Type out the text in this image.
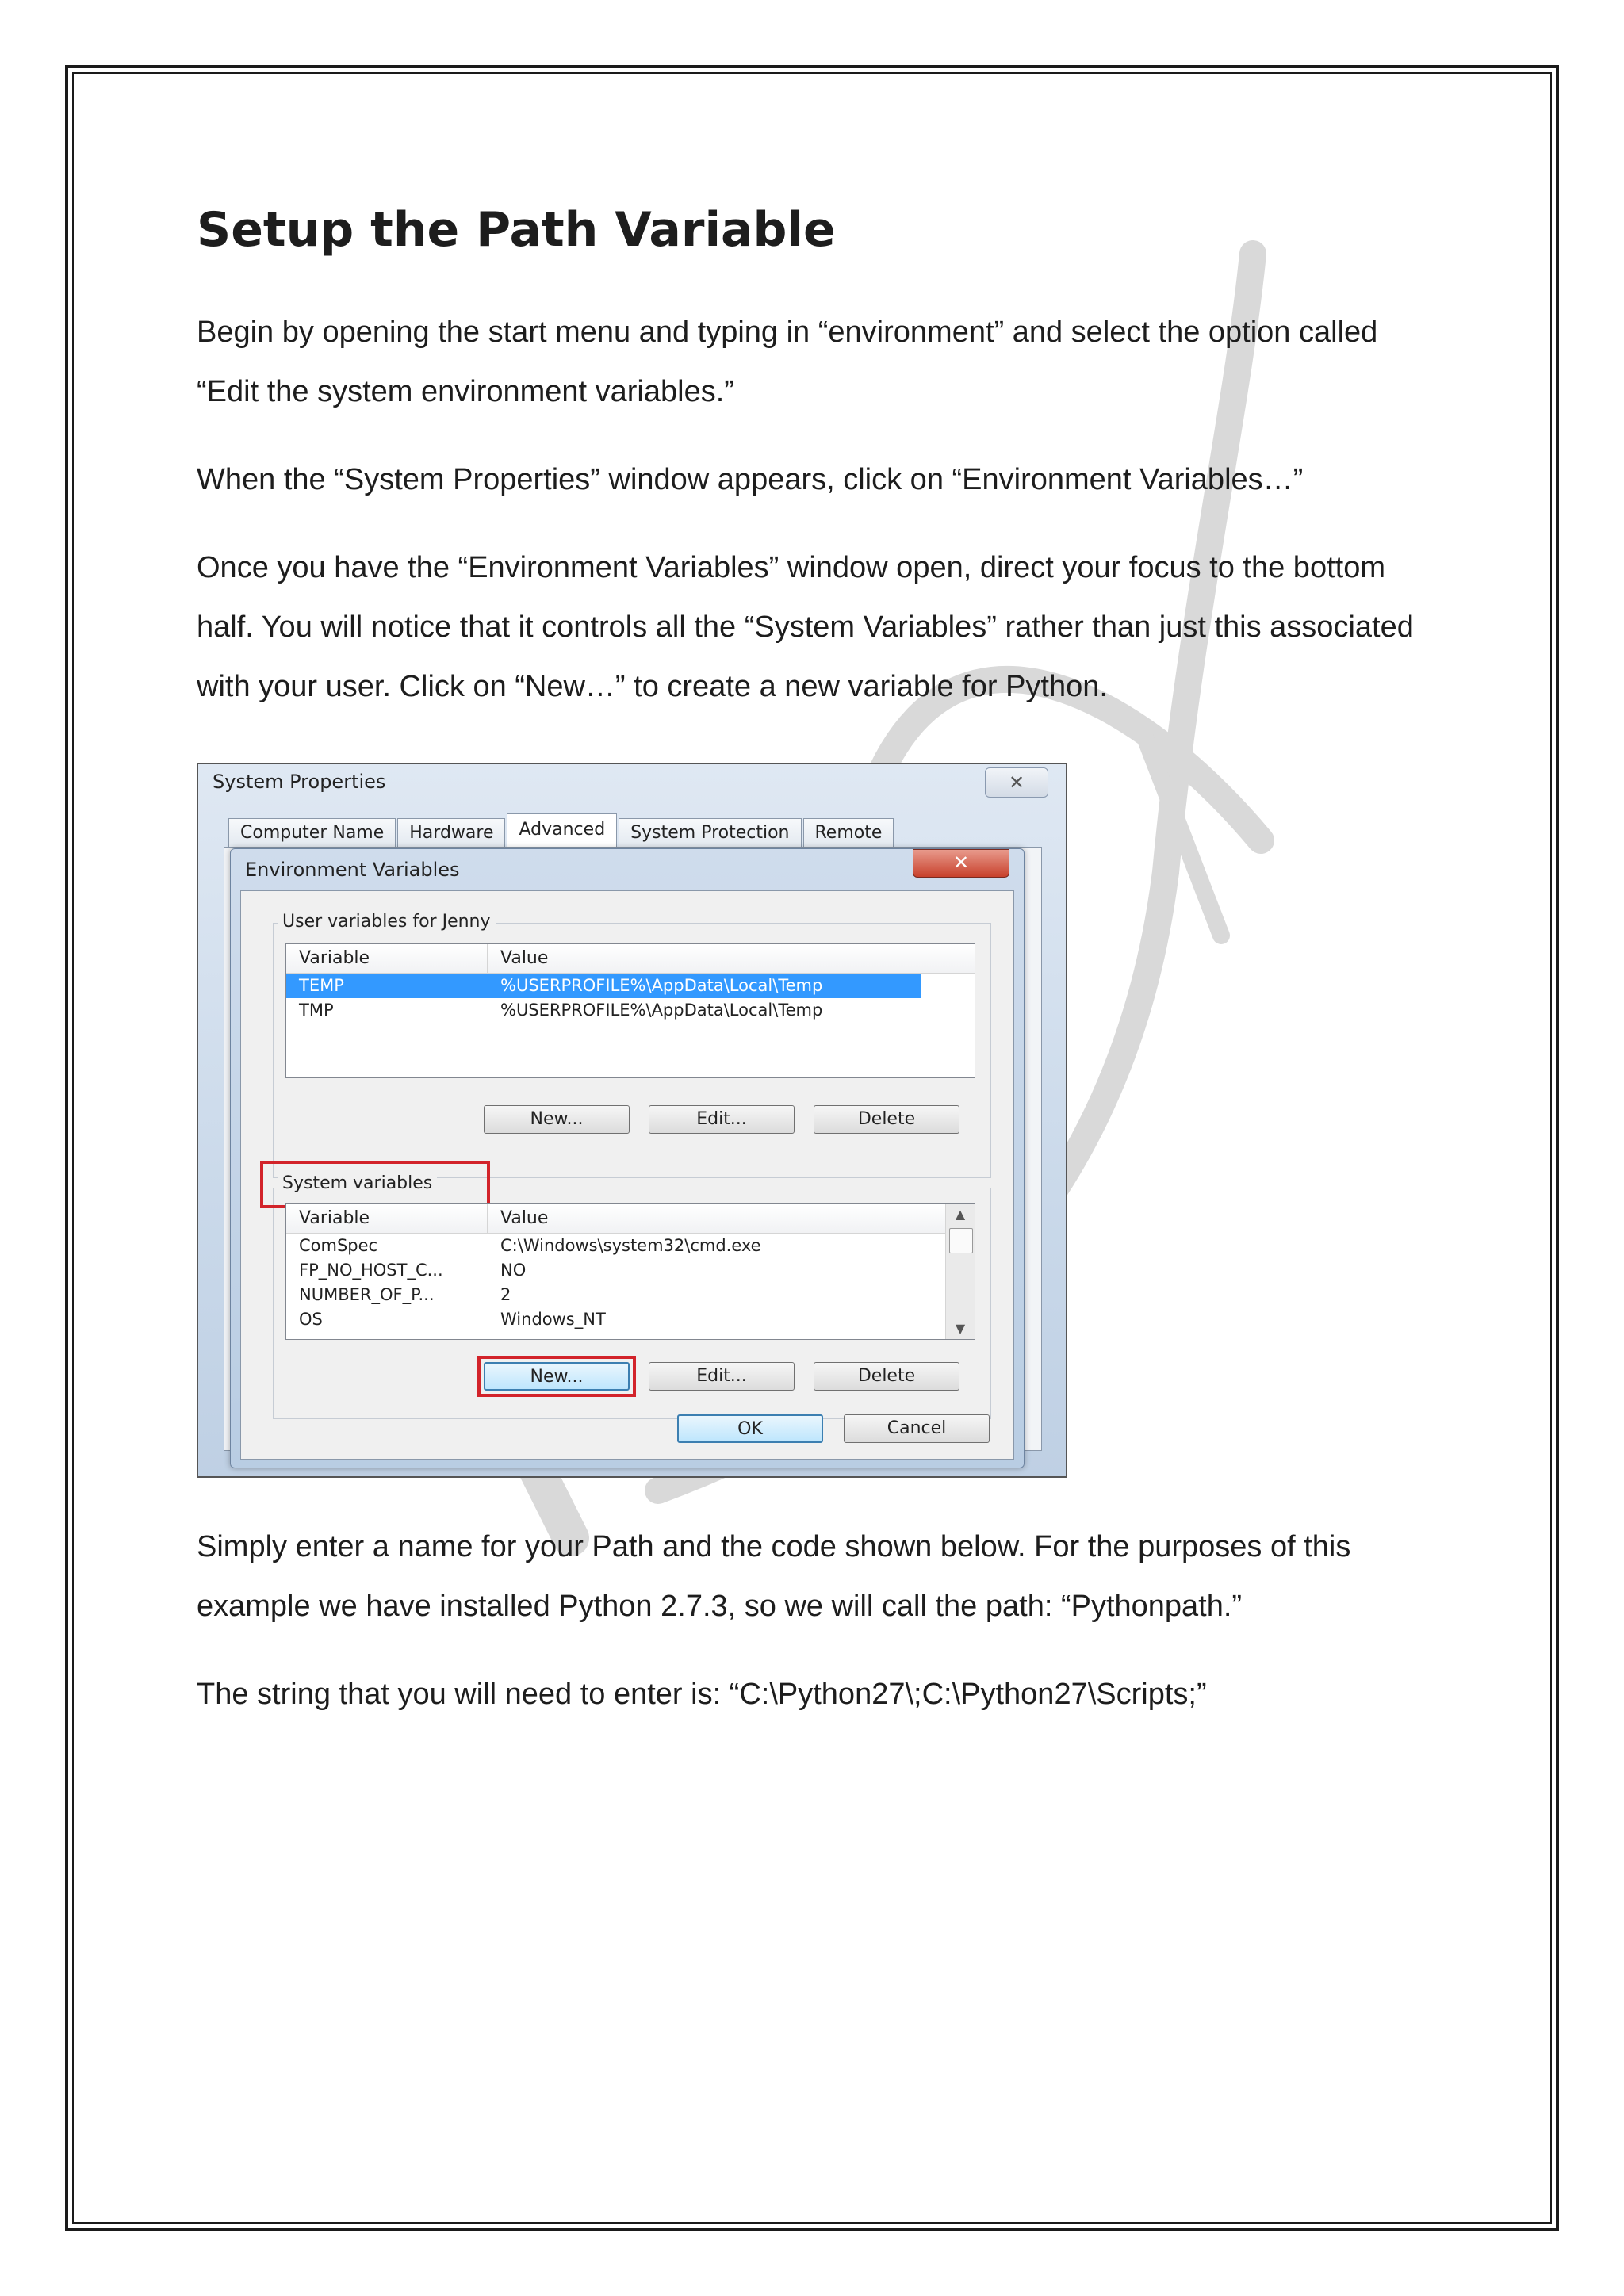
Setup the Path Variable

Begin by opening the start menu and typing in “environment” and select the option called “Edit the system environment variables.”

When the “System Properties” window appears, click on “Environment Variables…”

Once you have the “Environment Variables” window open, direct your focus to the bottom half. You will notice that it controls all the “System Variables” rather than just this associated with your user. Click on “New…” to create a new variable for Python.

System Properties	✕
Computer Name	Hardware	Advanced	System Protection	Remote
Environment Variables	✕
User variables for Jenny
Variable	Value
TEMP	%USERPROFILE%\AppData\Local\Temp
TMP	%USERPROFILE%\AppData\Local\Temp
New...	Edit...	Delete
System variables
Variable	Value
ComSpec	C:\Windows\system32\cmd.exe
FP_NO_HOST_C...	NO
NUMBER_OF_P...	2
OS	Windows_NT
▲
▼
New...	Edit...	Delete
OK	Cancel

Simply enter a name for your Path and the code shown below. For the purposes of this example we have installed Python 2.7.3, so we will call the path: “Pythonpath.”

The string that you will need to enter is: “C:\Python27\;C:\Python27\Scripts;”
